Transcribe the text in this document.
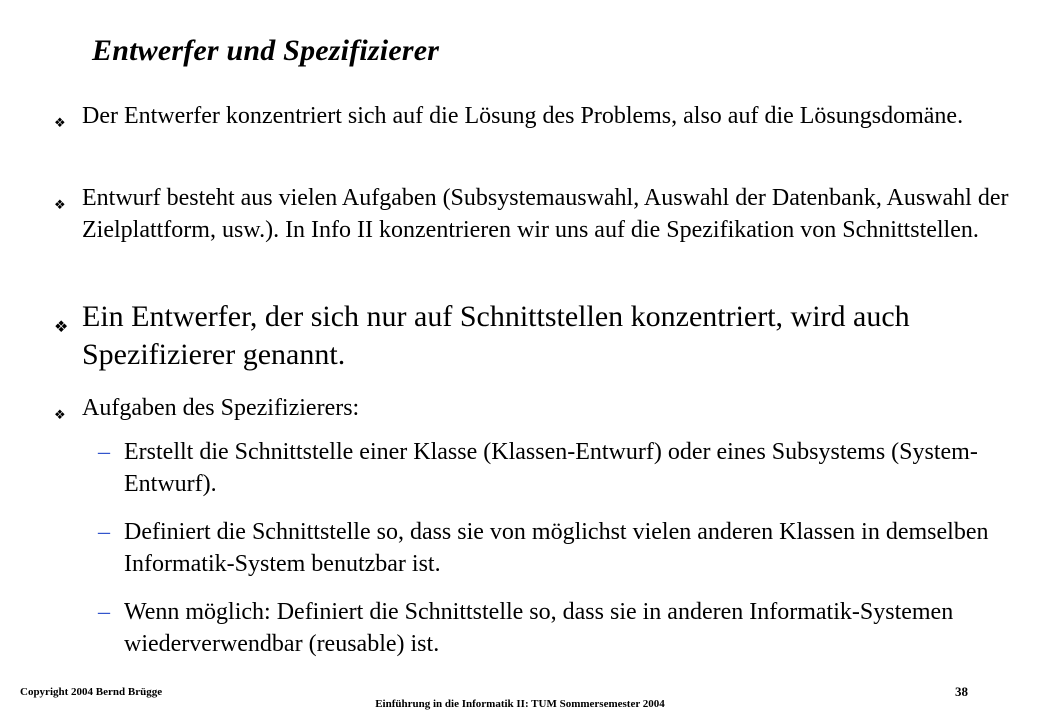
Entwerfer und Spezifizierer
❖ Der Entwerfer konzentriert sich auf die Lösung des Problems, also auf die Lösungsdomäne.
❖ Entwurf besteht aus vielen Aufgaben (Subsystemauswahl, Auswahl der Datenbank, Auswahl der Zielplattform, usw.). In Info II konzentrieren wir uns auf die Spezifikation von Schnittstellen.
❖ Ein Entwerfer, der sich nur auf Schnittstellen konzentriert, wird auch Spezifizierer genannt.
❖ Aufgaben des Spezifizierers:
– Erstellt die Schnittstelle einer Klasse (Klassen-Entwurf) oder eines Subsystems (System-Entwurf).
– Definiert die Schnittstelle so, dass sie von möglichst vielen anderen Klassen in demselben Informatik-System benutzbar ist.
– Wenn möglich: Definiert die Schnittstelle so, dass sie in anderen Informatik-Systemen wiederverwendbar (reusable) ist.
Copyright 2004 Bernd Brügge
Einführung in die Informatik II: TUM Sommersemester 2004
38
